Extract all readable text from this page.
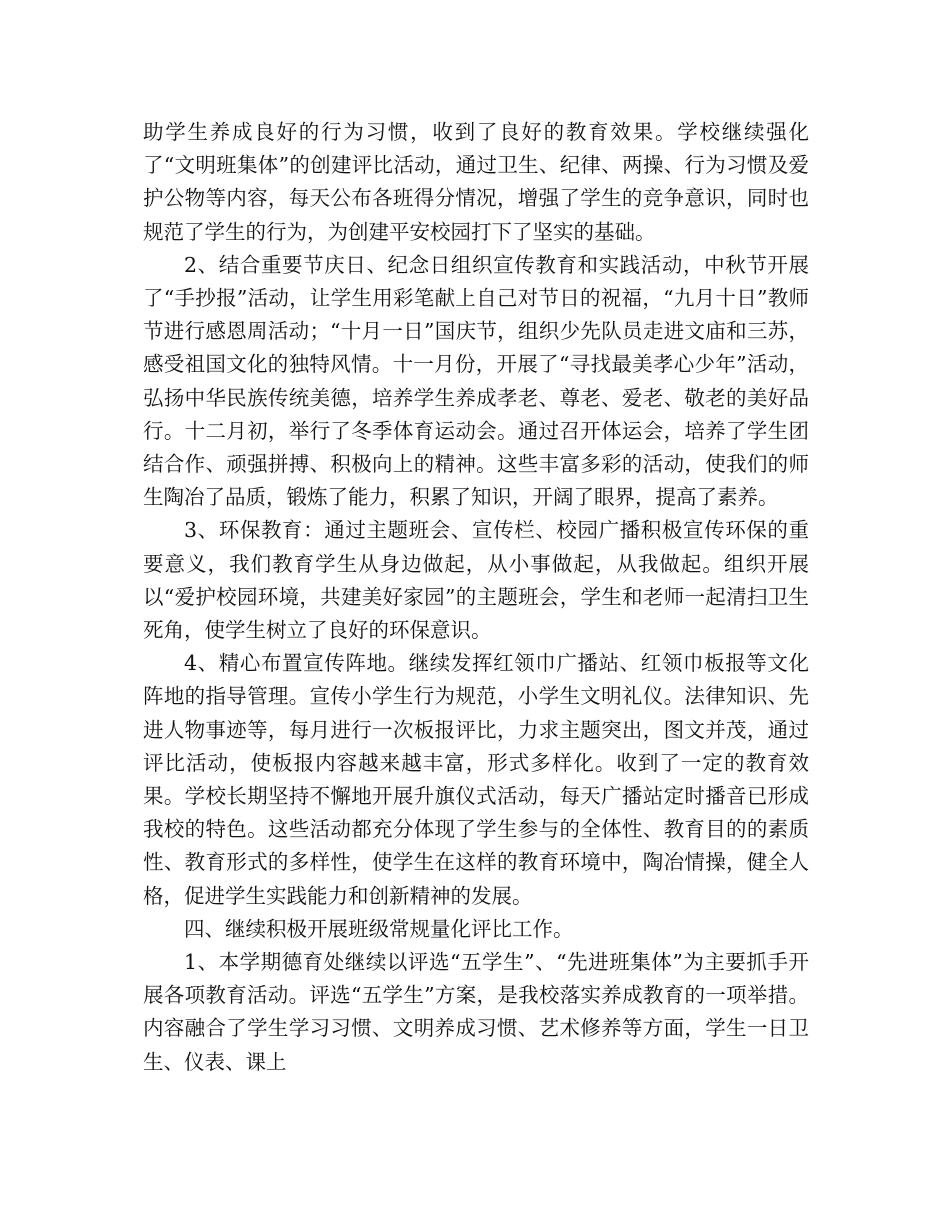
助学生养成良好的行为习惯，收到了良好的教育效果。学校继续强化了“文明班集体”的创建评比活动，通过卫生、纪律、两操、行为习惯及爱护公物等内容，每天公布各班得分情况，增强了学生的竞争意识，同时也规范了学生的行为，为创建平安校园打下了坚实的基础。

2、结合重要节庆日、纪念日组织宣传教育和实践活动，中秋节开展了“手抄报”活动，让学生用彩笔献上自己对节日的祝福，“九月十日”教师节进行感恩周活动；“十月一日”国庆节，组织少先队员走进文庙和三苏，感受祖国文化的独特风情。十一月份，开展了“寻找最美孝心少年”活动，弘扬中华民族传统美德，培养学生养成孝老、尊老、爱老、敬老的美好品行。十二月初，举行了冬季体育运动会。通过召开体运会，培养了学生团结合作、顽强拼搏、积极向上的精神。这些丰富多彩的活动，使我们的师生陶冶了品质，锻炼了能力，积累了知识，开阔了眼界，提高了素养。

3、环保教育：通过主题班会、宣传栏、校园广播积极宣传环保的重要意义，我们教育学生从身边做起，从小事做起，从我做起。组织开展以“爱护校园环境，共建美好家园”的主题班会，学生和老师一起清扫卫生死角，使学生树立了良好的环保意识。

4、精心布置宣传阵地。继续发挥红领巾广播站、红领巾板报等文化阵地的指导管理。宣传小学生行为规范，小学生文明礼仪。法律知识、先进人物事迹等，每月进行一次板报评比，力求主题突出，图文并茂，通过评比活动，使板报内容越来越丰富，形式多样化。收到了一定的教育效果。学校长期坚持不懈地开展升旗仪式活动，每天广播站定时播音已形成我校的特色。这些活动都充分体现了学生参与的全体性、教育目的的素质性、教育形式的多样性，使学生在这样的教育环境中，陶冶情操，健全人格，促进学生实践能力和创新精神的发展。

四、继续积极开展班级常规量化评比工作。

1、本学期德育处继续以评选“五学生”、“先进班集体”为主要抓手开展各项教育活动。评选“五学生”方案，是我校落实养成教育的一项举措。内容融合了学生学习习惯、文明养成习惯、艺术修养等方面，学生一日卫生、仪表、课上
